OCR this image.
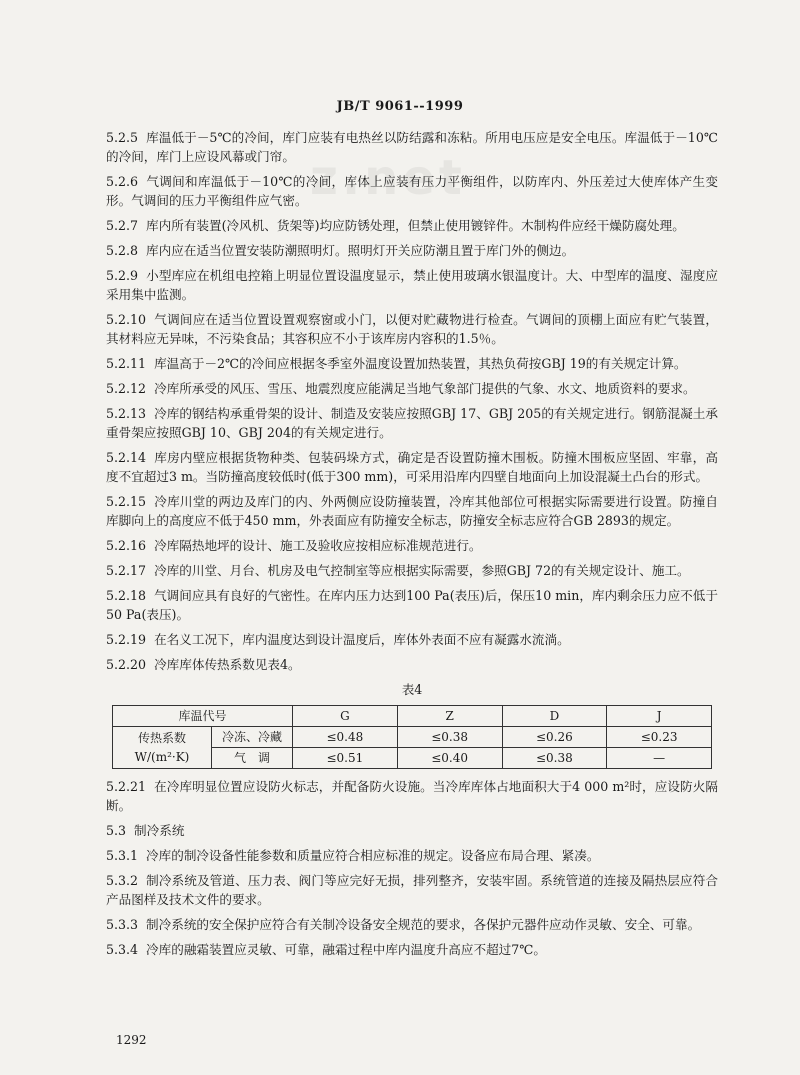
JB/T 9061--1999
z.net
5.2.5 库温低于－5℃的冷间，库门应装有电热丝以防结露和冻粘。所用电压应是安全电压。库温低于－10℃的冷间，库门上应设风幕或门帘。
5.2.6 气调间和库温低于－10℃的冷间，库体上应装有压力平衡组件，以防库内、外压差过大使库体产生变形。气调间的压力平衡组件应气密。
5.2.7 库内所有装置(冷风机、货架等)均应防锈处理，但禁止使用镀锌件。木制构件应经干燥防腐处理。
5.2.8 库内应在适当位置安装防潮照明灯。照明灯开关应防潮且置于库门外的侧边。
5.2.9 小型库应在机组电控箱上明显位置设温度显示，禁止使用玻璃水银温度计。大、中型库的温度、湿度应采用集中监测。
5.2.10 气调间应在适当位置设置观察窗或小门，以便对贮藏物进行检查。气调间的顶棚上面应有贮气装置，其材料应无异味，不污染食品；其容积应不小于该库房内容积的1.5％。
5.2.11 库温高于－2℃的冷间应根据冬季室外温度设置加热装置，其热负荷按GBJ 19的有关规定计算。
5.2.12 冷库所承受的风压、雪压、地震烈度应能满足当地气象部门提供的气象、水文、地质资料的要求。
5.2.13 冷库的钢结构承重骨架的设计、制造及安装应按照GBJ 17、GBJ 205的有关规定进行。钢筋混凝土承重骨架应按照GBJ 10、GBJ 204的有关规定进行。
5.2.14 库房内壁应根据货物种类、包装码垛方式，确定是否设置防撞木围板。防撞木围板应坚固、牢靠，高度不宜超过3 m。当防撞高度较低时(低于300 mm)，可采用沿库内四壁自地面向上加设混凝土凸台的形式。
5.2.15 冷库川堂的两边及库门的内、外两侧应设防撞装置，冷库其他部位可根据实际需要进行设置。防撞自库脚向上的高度应不低于450 mm，外表面应有防撞安全标志，防撞安全标志应符合GB 2893的规定。
5.2.16 冷库隔热地坪的设计、施工及验收应按相应标准规范进行。
5.2.17 冷库的川堂、月台、机房及电气控制室等应根据实际需要，参照GBJ 72的有关规定设计、施工。
5.2.18 气调间应具有良好的气密性。在库内压力达到100 Pa(表压)后，保压10 min，库内剩余压力应不低于50 Pa(表压)。
5.2.19 在名义工况下，库内温度达到设计温度后，库体外表面不应有凝露水流淌。
5.2.20 冷库库体传热系数见表4。
表4
库温代号		G	Z	D	J

传热系数
W/(m²·K)	冷冻、冷藏	≤0.48	≤0.38	≤0.26	≤0.23
	气　调	≤0.51	≤0.40	≤0.38	—
5.2.21 在冷库明显位置应设防火标志，并配备防火设施。当冷库库体占地面积大于4 000 m²时，应设防火隔断。
5.3 制冷系统
5.3.1 冷库的制冷设备性能参数和质量应符合相应标准的规定。设备应布局合理、紧凑。
5.3.2 制冷系统及管道、压力表、阀门等应完好无损，排列整齐，安装牢固。系统管道的连接及隔热层应符合产品图样及技术文件的要求。
5.3.3 制冷系统的安全保护应符合有关制冷设备安全规范的要求，各保护元器件应动作灵敏、安全、可靠。
5.3.4 冷库的融霜装置应灵敏、可靠，融霜过程中库内温度升高应不超过7℃。
1292
